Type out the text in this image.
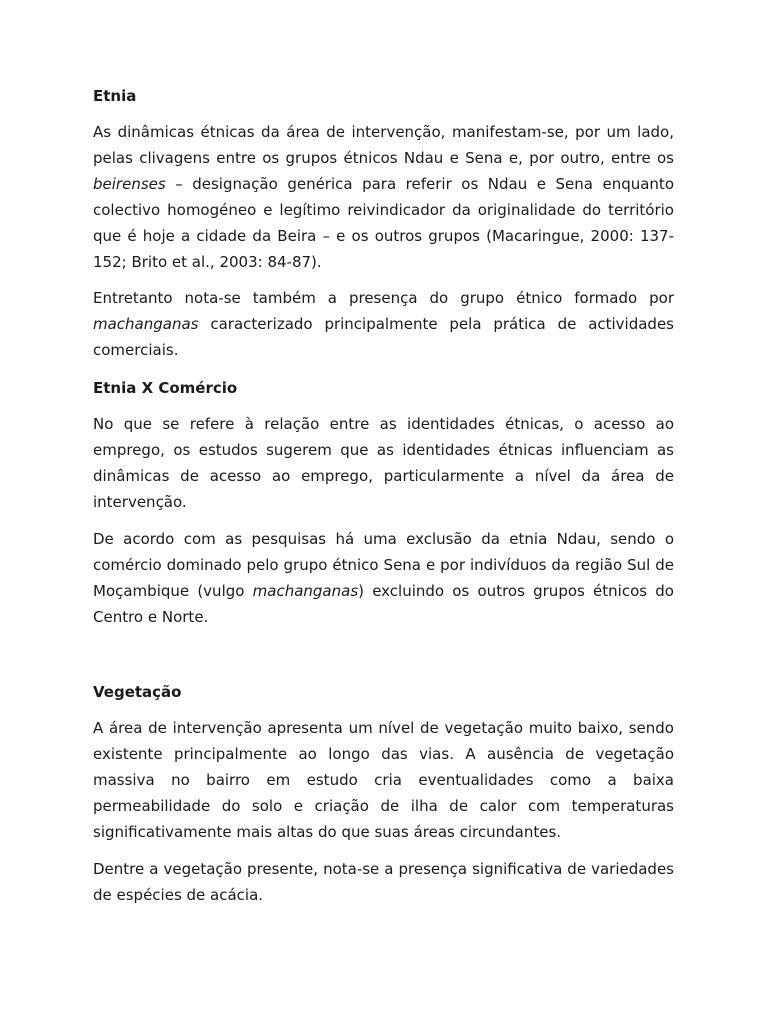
Etnia

As dinâmicas étnicas da área de intervenção, manifestam-se, por um lado, pelas clivagens entre os grupos étnicos Ndau e Sena e, por outro, entre os beirenses – designação genérica para referir os Ndau e Sena enquanto colectivo homogéneo e legítimo reivindicador da originalidade do território que é hoje a cidade da Beira – e os outros grupos (Macaringue, 2000: 137-152; Brito et al., 2003: 84-87).

Entretanto nota-se também a presença do grupo étnico formado por machanganas caracterizado principalmente pela prática de actividades comerciais.

Etnia X Comércio

No que se refere à relação entre as identidades étnicas, o acesso ao emprego, os estudos sugerem que as identidades étnicas influenciam as dinâmicas de acesso ao emprego, particularmente a nível da área de intervenção.

De acordo com as pesquisas há uma exclusão da etnia Ndau, sendo o comércio dominado pelo grupo étnico Sena e por indivíduos da região Sul de Moçambique (vulgo machanganas) excluindo os outros grupos étnicos do Centro e Norte.

Vegetação

A área de intervenção apresenta um nível de vegetação muito baixo, sendo existente principalmente ao longo das vias. A ausência de vegetação massiva no bairro em estudo cria eventualidades como a baixa permeabilidade do solo e criação de ilha de calor com temperaturas significativamente mais altas do que suas áreas circundantes.

Dentre a vegetação presente, nota-se a presença significativa de variedades de espécies de acácia.
